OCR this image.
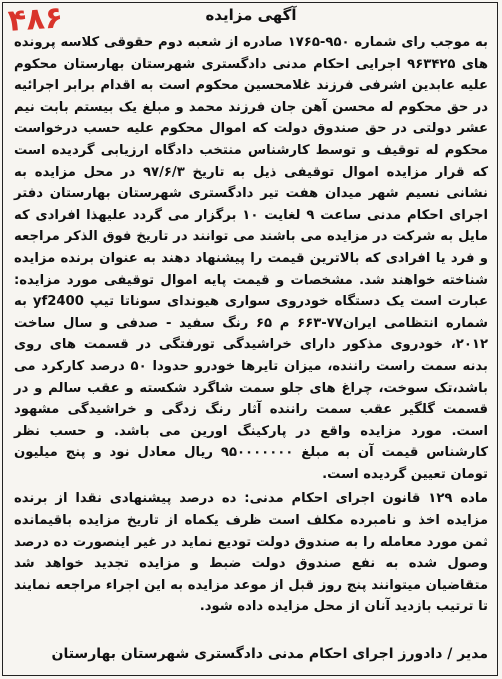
۴۸۶	آگهی مزایده

به موجب رای شماره ۹۵۰-۱۷۶۵ صادره از شعبه دوم حقوقی کلاسه پرونده های ۹۶۳۴۲۵ اجرایی احکام مدنی دادگستری شهرستان بهارستان محکوم علیه عابدین اشرفی فرزند غلامحسین محکوم است به اقدام برابر اجرائیه در حق محکوم له محسن آهن جان فرزند محمد و مبلغ یک بیستم بابت نیم عشر دولتی در حق صندوق دولت که اموال محکوم علیه حسب درخواست محکوم له توقیف و توسط کارشناس منتخب دادگاه ارزیابی گردیده است که قرار مزایده اموال توقیفی ذیل به تاریخ ۹۷/۶/۳ در محل مزایده به نشانی نسیم شهر میدان هفت تیر دادگستری شهرستان بهارستان دفتر اجرای احکام مدنی ساعت ۹ لغایت ۱۰ برگزار می گردد علیهذا افرادی که مایل به شرکت در مزایده می باشند می توانند در تاریخ فوق الذکر مراجعه و فرد یا افرادی که بالاترین قیمت را پیشنهاد دهند به عنوان برنده مزایده شناخته خواهند شد. مشخصات و قیمت پایه اموال توقیفی مورد مزایده: عبارت است یک دستگاه خودروی سواری هیوندای سوناتا تیپ yf2400 به شماره انتظامی ایران۷۷-۶۶۳ م ۶۵ رنگ سفید - صدفی و سال ساخت ۲۰۱۲، خودروی مذکور دارای خراشیدگی تورفتگی در قسمت های روی بدنه سمت راست راننده، میزان تایرها خودرو حدودا ۵۰ درصد کارکرد می باشد،تک سوخت، چراغ های جلو سمت شاگرد شکسته و عقب سالم و در قسمت گلگیر عقب سمت راننده آثار رنگ زدگی و خراشیدگی مشهود است. مورد مزایده واقع در پارکینگ اورین می باشد. و حسب نظر کارشناس قیمت آن به مبلغ ۹۵۰۰۰۰۰۰۰ ریال معادل نود و پنج میلیون تومان تعیین گردیده است.

ماده ۱۲۹ قانون اجرای احکام مدنی: ده درصد پیشنهادی نقدا از برنده مزایده اخذ و نامبرده مکلف است ظرف یکماه از تاریخ مزایده باقیمانده ثمن مورد معامله را به صندوق دولت تودیع نماید در غیر اینصورت ده درصد وصول شده به نفع صندوق دولت ضبط و مزایده تجدید خواهد شد متقاضیان میتوانند پنج روز قبل از موعد مزایده به این اجراء مراجعه نمایند تا ترتیب بازدید آنان از محل مزایده داده شود.

مدیر / دادورز اجرای احکام مدنی دادگستری شهرستان بهارستان
